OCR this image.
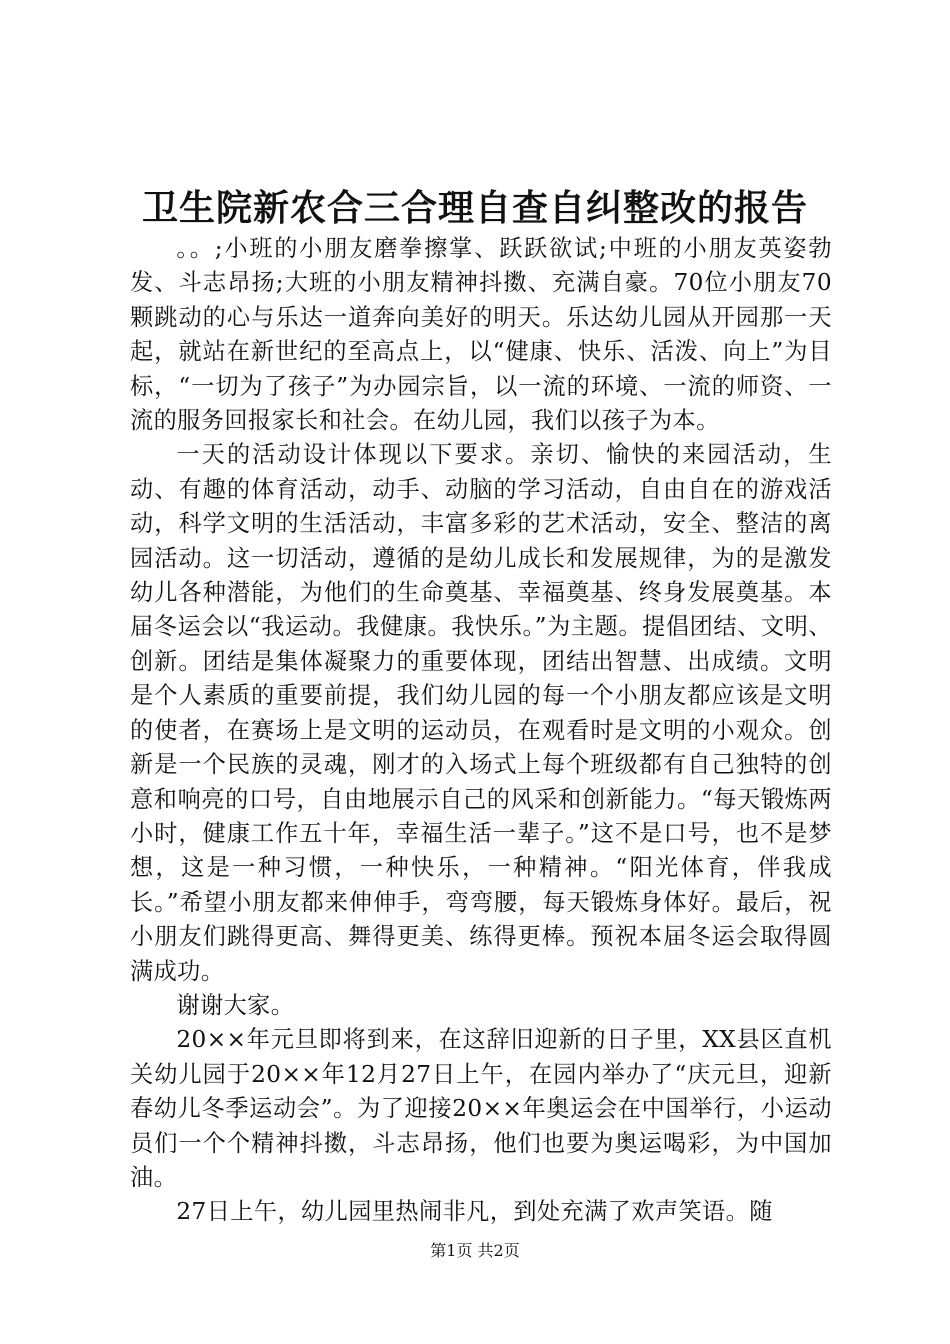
卫生院新农合三合理自查自纠整改的报告

。。;小班的小朋友磨拳擦掌、跃跃欲试;中班的小朋友英姿勃发、斗志昂扬;大班的小朋友精神抖擞、充满自豪。70位小朋友70颗跳动的心与乐达一道奔向美好的明天。乐达幼儿园从开园那一天起，就站在新世纪的至高点上，以“健康、快乐、活泼、向上”为目标，“一切为了孩子”为办园宗旨，以一流的环境、一流的师资、一流的服务回报家长和社会。在幼儿园，我们以孩子为本。

一天的活动设计体现以下要求。亲切、愉快的来园活动，生动、有趣的体育活动，动手、动脑的学习活动，自由自在的游戏活动，科学文明的生活活动，丰富多彩的艺术活动，安全、整洁的离园活动。这一切活动，遵循的是幼儿成长和发展规律，为的是激发幼儿各种潜能，为他们的生命奠基、幸福奠基、终身发展奠基。本届冬运会以“我运动。我健康。我快乐。”为主题。提倡团结、文明、创新。团结是集体凝聚力的重要体现，团结出智慧、出成绩。文明是个人素质的重要前提，我们幼儿园的每一个小朋友都应该是文明的使者，在赛场上是文明的运动员，在观看时是文明的小观众。创新是一个民族的灵魂，刚才的入场式上每个班级都有自己独特的创意和响亮的口号，自由地展示自己的风采和创新能力。“每天锻炼两小时，健康工作五十年，幸福生活一辈子。”这不是口号，也不是梦想，这是一种习惯，一种快乐，一种精神。“阳光体育，伴我成长。”希望小朋友都来伸伸手，弯弯腰，每天锻炼身体好。最后，祝小朋友们跳得更高、舞得更美、练得更棒。预祝本届冬运会取得圆满成功。

谢谢大家。

20××年元旦即将到来，在这辞旧迎新的日子里，XX县区直机关幼儿园于20××年12月27日上午，在园内举办了“庆元旦，迎新春幼儿冬季运动会”。为了迎接20××年奥运会在中国举行，小运动员们一个个精神抖擞，斗志昂扬，他们也要为奥运喝彩，为中国加油。

27日上午，幼儿园里热闹非凡，到处充满了欢声笑语。随

第1页 共2页
